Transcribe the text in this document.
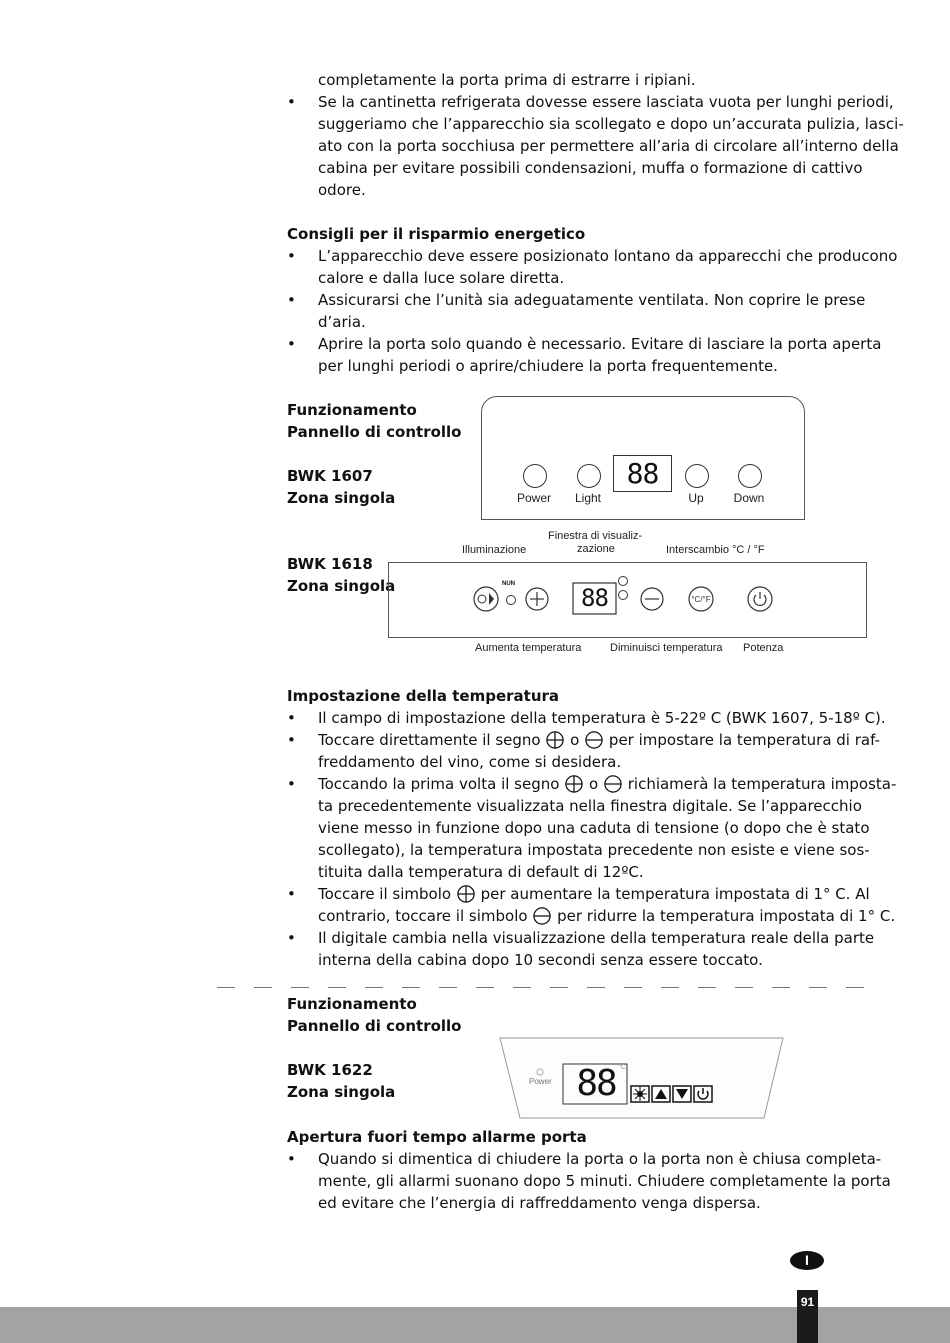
completamente la porta prima di estrarre i ripiani.
• Se la cantinetta refrigerata dovesse essere lasciata vuota per lunghi periodi,
suggeriamo che l’apparecchio sia scollegato e dopo un’accurata pulizia, lasci-
ato con la porta socchiusa per permettere all’aria di circolare all’interno della
cabina per evitare possibili condensazioni, muffa o formazione di cattivo
odore.
Consigli per il risparmio energetico
• L’apparecchio deve essere posizionato lontano da apparecchi che producono
calore e dalla luce solare diretta.
• Assicurarsi che l’unità sia adeguatamente ventilata. Non coprire le prese
d’aria.
• Aprire la porta solo quando è necessario. Evitare di lasciare la porta aperta
per lunghi periodi o aprire/chiudere la porta frequentemente.
Funzionamento
Pannello di controllo
BWK 1607
Zona singola
BWK 1618
Zona singola
88
Power	Light	Up	Down
Illuminazione
Finestra di visualiz-
zazione	Interscambio °C / °F
°C/°F
NUN	88
Aumenta temperatura	Diminuisci temperatura Potenza
Impostazione della temperatura
• Il campo di impostazione della temperatura è 5-22º C (BWK 1607, 5-18º C).
• Toccare direttamente il segno o per impostare la temperatura di raf-
freddamento del vino, come si desidera.
• Toccando la prima volta il segno o richiamerà la temperatura imposta-
ta precedentemente visualizzata nella finestra digitale. Se l’apparecchio
viene messo in funzione dopo una caduta di tensione (o dopo che è stato
scollegato), la temperatura impostata precedente non esiste e viene sos-
tituita dalla temperatura di default di 12ºC.
• Toccare il simbolo per aumentare la temperatura impostata di 1° C. Al
contrario, toccare il simbolo per ridurre la temperatura impostata di 1° C.
• Il digitale cambia nella visualizzazione della temperatura reale della parte
interna della cabina dopo 10 secondi senza essere toccato.
Funzionamento
Pannello di controllo
BWK 1622
Zona singola
Power 88 °C
Apertura fuori tempo allarme porta
• Quando si dimentica di chiudere la porta o la porta non è chiusa completa-
mente, gli allarmi suonano dopo 5 minuti. Chiudere completamente la porta
ed evitare che l’energia di raffreddamento venga dispersa.
I
91
